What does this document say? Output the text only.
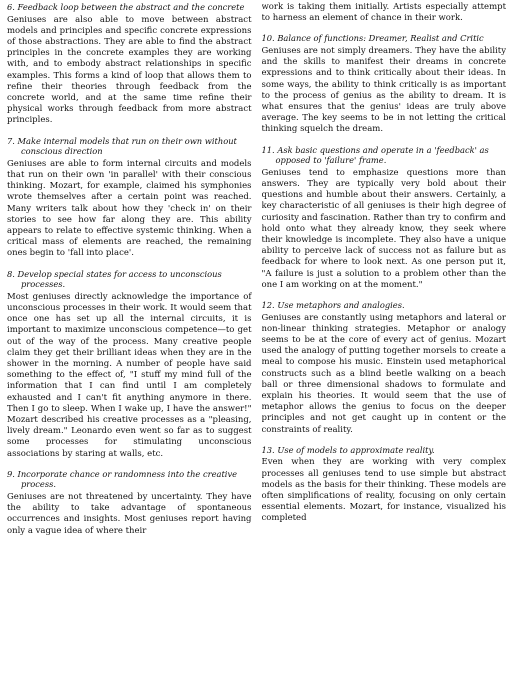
6. Feedback loop between the abstract and the concrete
Geniuses are also able to move between abstract models and principles and specific concrete expressions of those abstractions. They are able to find the abstract principles in the concrete examples they are working with, and to embody abstract relationships in specific examples. This forms a kind of loop that allows them to refine their theories through feedback from the concrete world, and at the same time refine their physical works through feedback from more abstract principles.
7. Make internal models that run on their own without conscious direction
Geniuses are able to form internal circuits and models that run on their own 'in parallel' with their conscious thinking. Mozart, for example, claimed his symphonies wrote themselves after a certain point was reached. Many writers talk about how they 'check in' on their stories to see how far along they are. This ability appears to relate to effective systemic thinking. When a critical mass of elements are reached, the remaining ones begin to 'fall into place'.
8. Develop special states for access to unconscious processes.
Most geniuses directly acknowledge the importance of unconscious processes in their work. It would seem that once one has set up all the internal circuits, it is important to maximize unconscious competence—to get out of the way of the process. Many creative people claim they get their brilliant ideas when they are in the shower in the morning. A number of people have said something to the effect of, "I stuff my mind full of the information that I can find until I am completely exhausted and I can't fit anything anymore in there. Then I go to sleep. When I wake up, I have the answer!" Mozart described his creative processes as a "pleasing, lively dream." Leonardo even went so far as to suggest some processes for stimulating unconscious associations by staring at walls, etc.
9. Incorporate chance or randomness into the creative process.
Geniuses are not threatened by uncertainty. They have the ability to take advantage of spontaneous occurrences and insights. Most geniuses report having only a vague idea of where their
work is taking them initially. Artists especially attempt to harness an element of chance in their work.
10. Balance of functions: Dreamer, Realist and Critic
Geniuses are not simply dreamers. They have the ability and the skills to manifest their dreams in concrete expressions and to think critically about their ideas. In some ways, the ability to think critically is as important to the process of genius as the ability to dream. It is what ensures that the genius' ideas are truly above average. The key seems to be in not letting the critical thinking squelch the dream.
11. Ask basic questions and operate in a 'feedback' as opposed to 'failure' frame.
Geniuses tend to emphasize questions more than answers. They are typically very bold about their questions and humble about their answers. Certainly, a key characteristic of all geniuses is their high degree of curiosity and fascination. Rather than try to confirm and hold onto what they already know, they seek where their knowledge is incomplete. They also have a unique ability to perceive lack of success not as failure but as feedback for where to look next. As one person put it, "A failure is just a solution to a problem other than the one I am working on at the moment."
12. Use metaphors and analogies.
Geniuses are constantly using metaphors and lateral or non-linear thinking strategies. Metaphor or analogy seems to be at the core of every act of genius. Mozart used the analogy of putting together morsels to create a meal to compose his music. Einstein used metaphorical constructs such as a blind beetle walking on a beach ball or three dimensional shadows to formulate and explain his theories. It would seem that the use of metaphor allows the genius to focus on the deeper principles and not get caught up in content or the constraints of reality.
13. Use of models to approximate reality.
Even when they are working with very complex processes all geniuses tend to use simple but abstract models as the basis for their thinking. These models are often simplifications of reality, focusing on only certain essential elements. Mozart, for instance, visualized his completed
